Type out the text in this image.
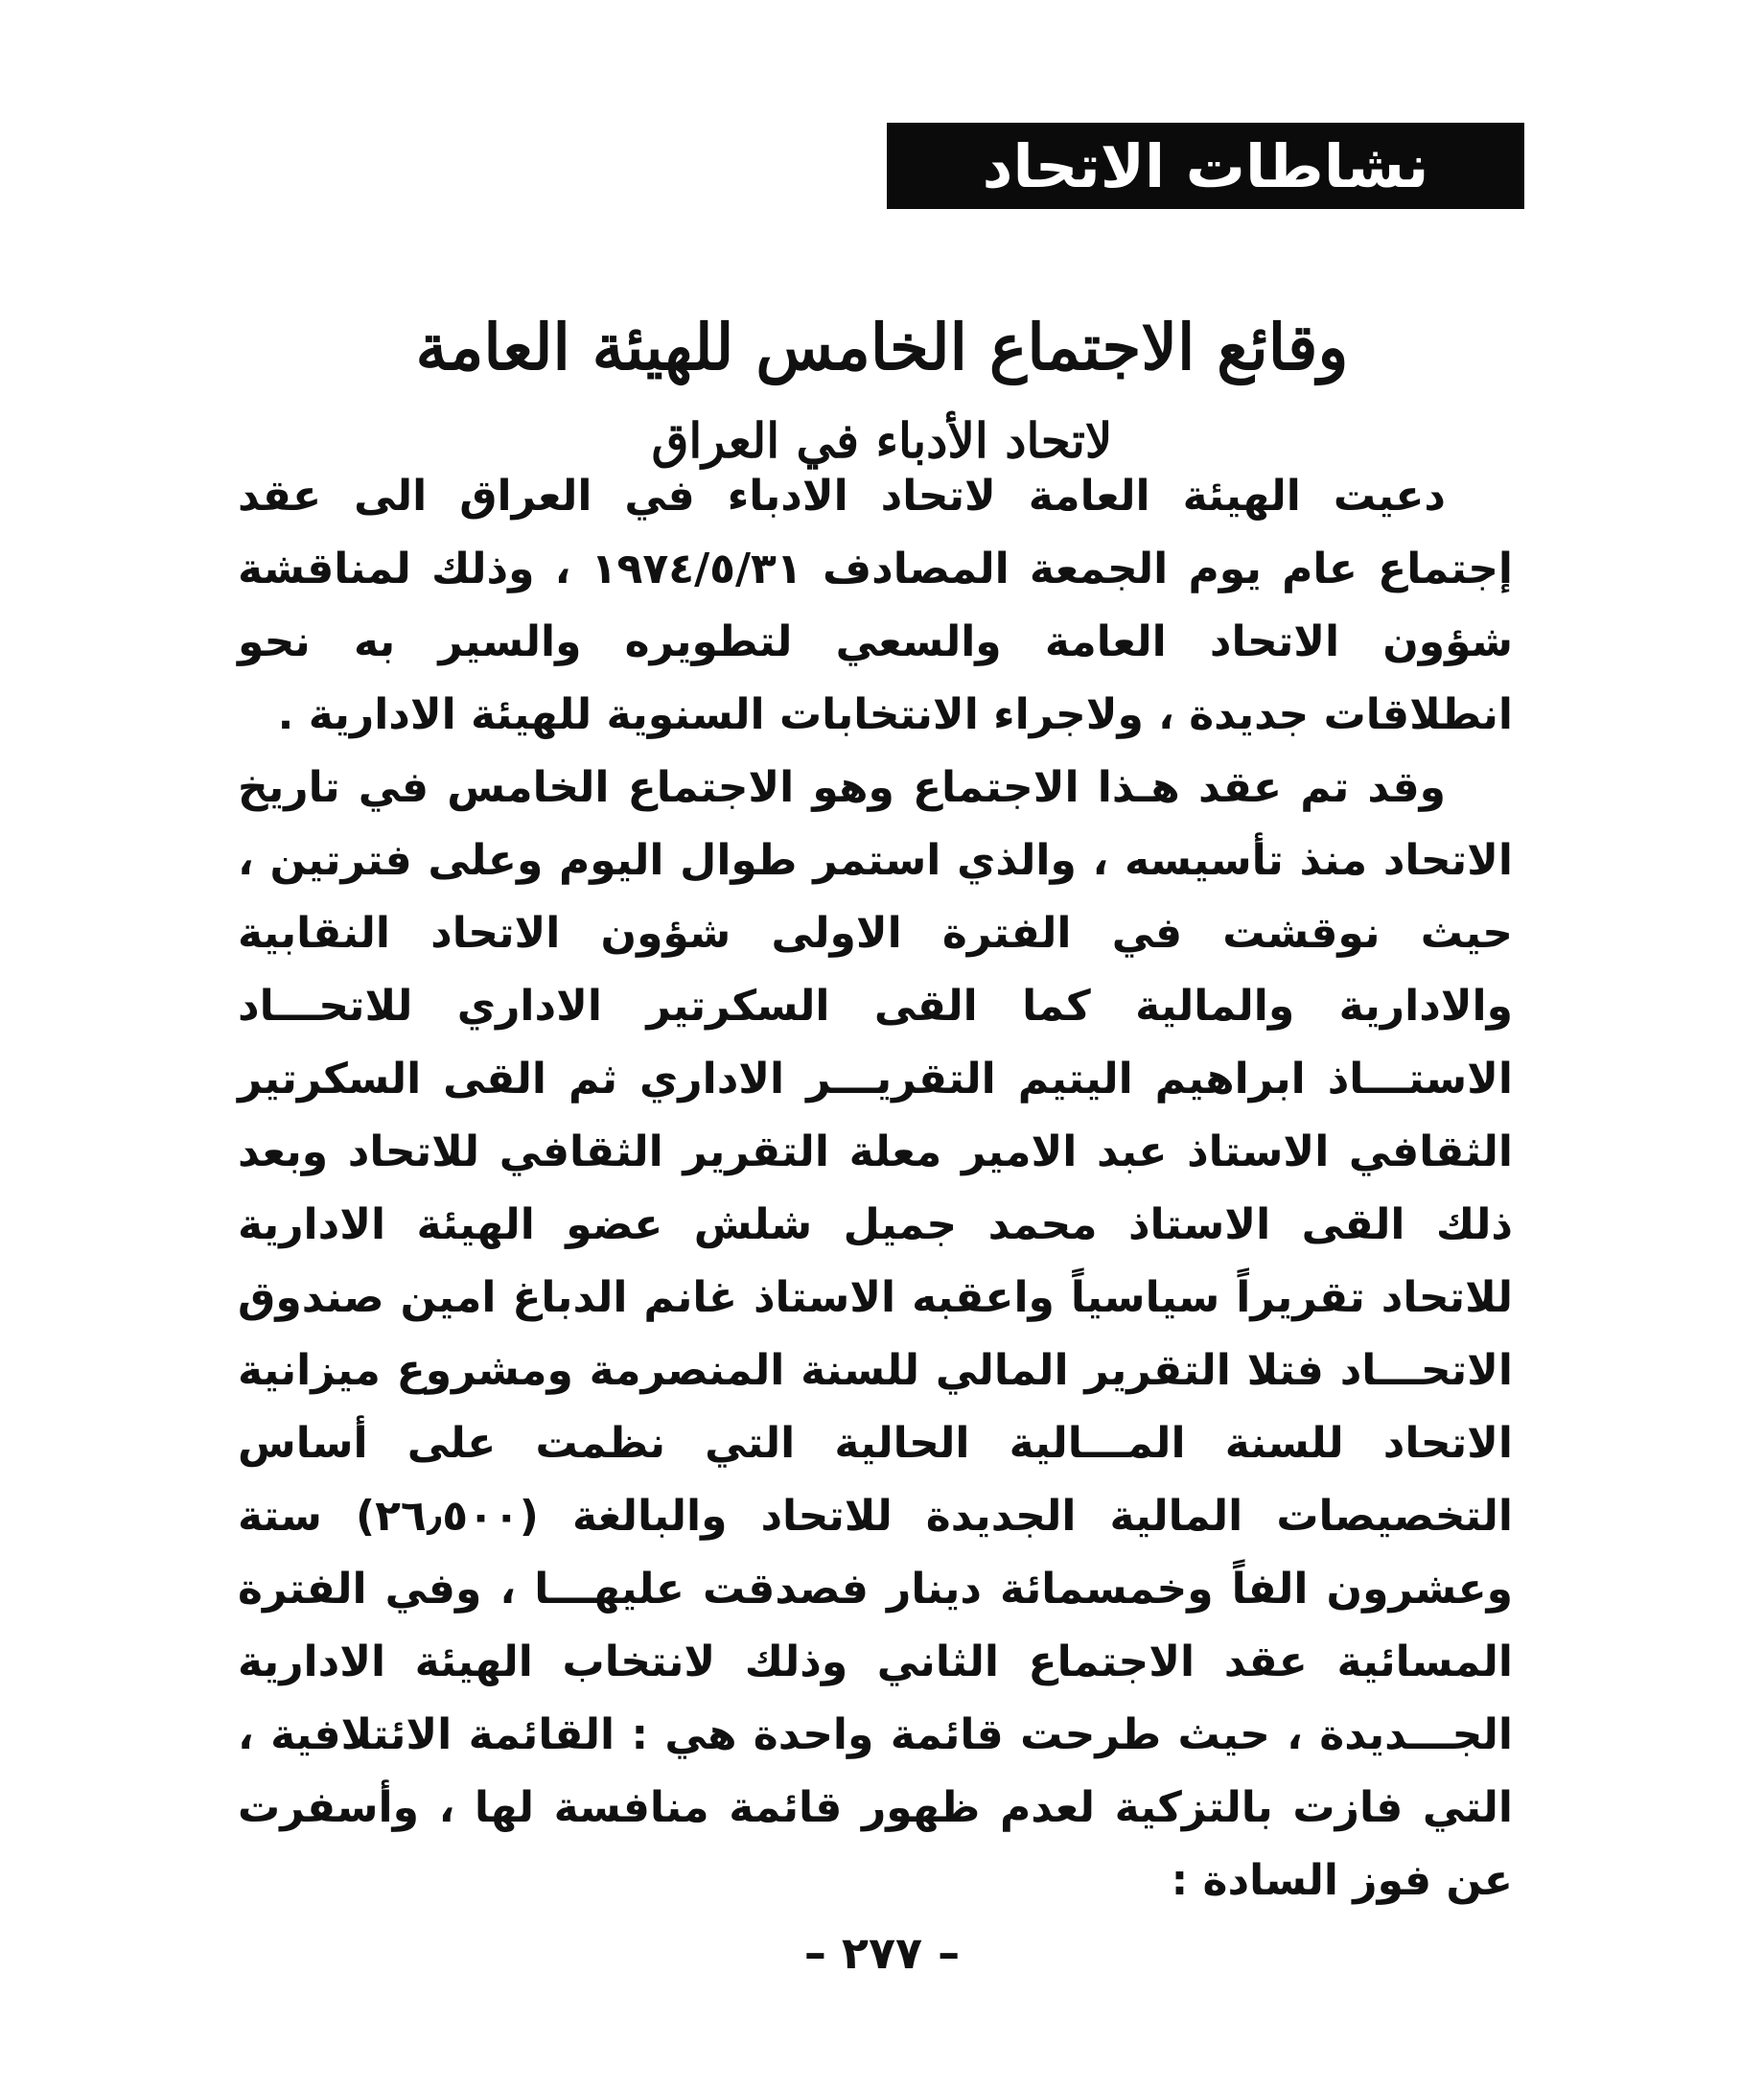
نشاطات الاتحاد
وقائع الاجتماع الخامس للهيئة العامة
لاتحاد الأدباء في العراق

دعيت الهيئة العامة لاتحاد الادباء في العراق الى عقد إجتماع عام يوم الجمعة المصادف ١٩٧٤/٥/٣١ ، وذلك لمناقشة شؤون الاتحاد العامة والسعي لتطويره والسير به نحو انطلاقات جديدة ، ولاجراء الانتخابات السنوية للهيئة الادارية .

وقد تم عقد هـذا الاجتماع وهو الاجتماع الخامس في تاريخ الاتحاد منذ تأسيسه ، والذي استمر طوال اليوم وعلى فترتين ، حيث نوقشت في الفترة الاولى شؤون الاتحاد النقابية والادارية والمالية كما القى السكرتير الاداري للاتحـــاد الاستـــاذ ابراهيم اليتيم التقريـــر الاداري ثم القى السكرتير الثقافي الاستاذ عبد الامير معلة التقرير الثقافي للاتحاد وبعد ذلك القى الاستاذ محمد جميل شلش عضو الهيئة الادارية للاتحاد تقريراً سياسياً واعقبه الاستاذ غانم الدباغ امين صندوق الاتحـــاد فتلا التقرير المالي للسنة المنصرمة ومشروع ميزانية الاتحاد للسنة المـــالية الحالية التي نظمت على أساس التخصيصات المالية الجديدة للاتحاد والبالغة (٢٦٫٥٠٠) ستة وعشرون الفاً وخمسمائة دينار فصدقت عليهـــا ، وفي الفترة المسائية عقد الاجتماع الثاني وذلك لانتخاب الهيئة الادارية الجـــديدة ، حيث طرحت قائمة واحدة هي : القائمة الائتلافية ، التي فازت بالتزكية لعدم ظهور قائمة منافسة لها ، وأسفرت عن فوز السادة :

– ٢٧٧ –
